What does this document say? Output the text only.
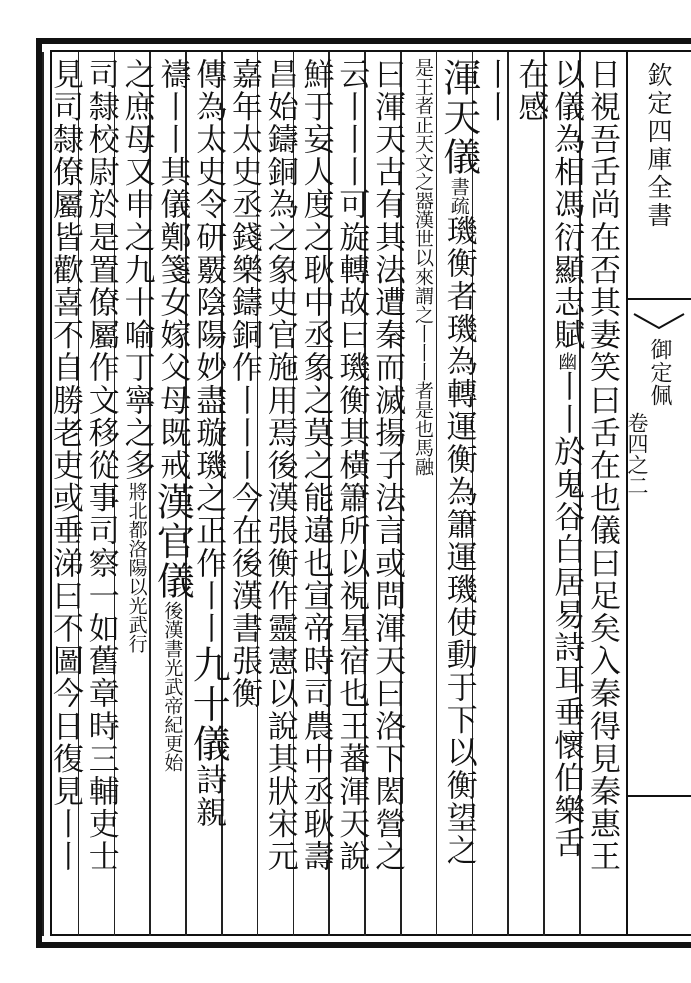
欽定四庫全書
御定佩
卷四之二
日視吾舌尚在否其妻笑曰舌在也儀曰足矣入秦得見秦惠王
以儀為相馮衍顯志賦幽丨丨於鬼谷白居易詩耳垂懷伯樂舌
在感
丨丨
渾天儀書疏璣衡者璣為轉運衡為簫運璣使動于下以衡望之
是王者正天文之器漢世以來謂之丨丨丨者是也馬融
曰渾天古有其法遭秦而滅揚子法言或問渾天曰洛下閎營之
云丨丨丨可旋轉故曰璣衡其橫簫所以視星宿也王蕃渾天說
鮮于妄人度之耿中丞象之莫之能違也宣帝時司農中丞耿壽
昌始鑄銅為之象史官施用焉後漢張衡作靈憲以說其狀宋元
嘉年太史丞錢樂鑄銅作丨丨丨今在後漢書張衡
傳為太史令研覈陰陽妙盡璇璣之正作丨丨九十儀詩親
禱丨丨其儀鄭箋女嫁父母既戒漢官儀後漢書光武帝紀更始
之庶母又申之九十喻丁寧之多將北都洛陽以光武行
司隸校尉於是置僚屬作文移從事司察一如舊章時三輔吏士
見司隸僚屬皆歡喜不自勝老吏或垂涕曰不圖今日復見丨丨
